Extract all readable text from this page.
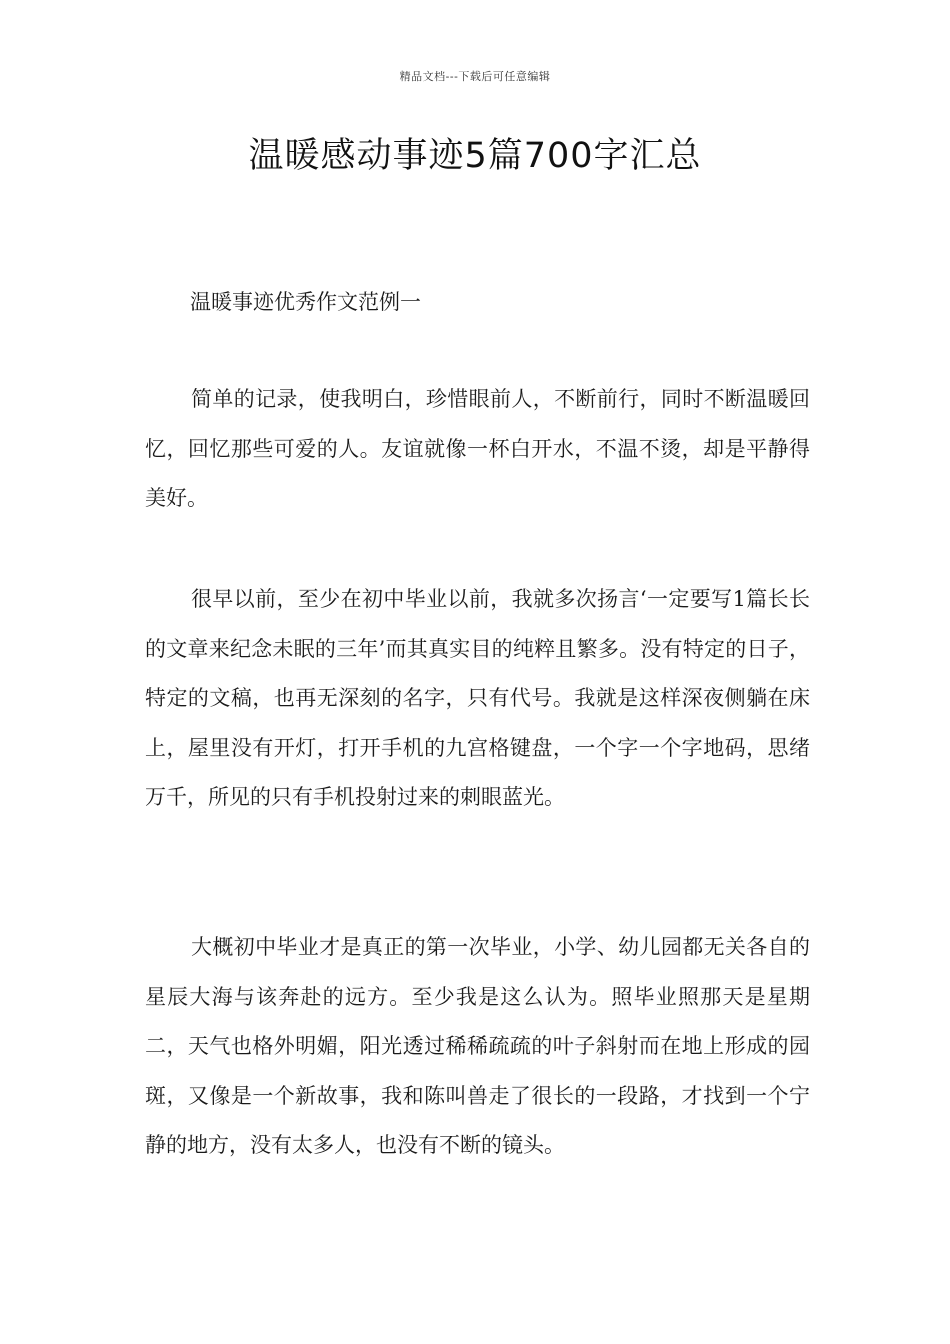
精品文档---下载后可任意编辑
温暖感动事迹5篇700字汇总
温暖事迹优秀作文范例一

简单的记录，使我明白，珍惜眼前人，不断前行，同时不断温暖回忆，回忆那些可爱的人。友谊就像一杯白开水，不温不烫，却是平静得美好。

很早以前，至少在初中毕业以前，我就多次扬言‘一定要写1篇长长的文章来纪念未眠的三年’而其真实目的纯粹且繁多。没有特定的日子，特定的文稿，也再无深刻的名字，只有代号。我就是这样深夜侧躺在床上，屋里没有开灯，打开手机的九宫格键盘，一个字一个字地码，思绪万千，所见的只有手机投射过来的刺眼蓝光。

大概初中毕业才是真正的第一次毕业，小学、幼儿园都无关各自的星辰大海与该奔赴的远方。至少我是这么认为。照毕业照那天是星期二，天气也格外明媚，阳光透过稀稀疏疏的叶子斜射而在地上形成的园斑，又像是一个新故事，我和陈叫兽走了很长的一段路，才找到一个宁静的地方，没有太多人，也没有不断的镜头。
